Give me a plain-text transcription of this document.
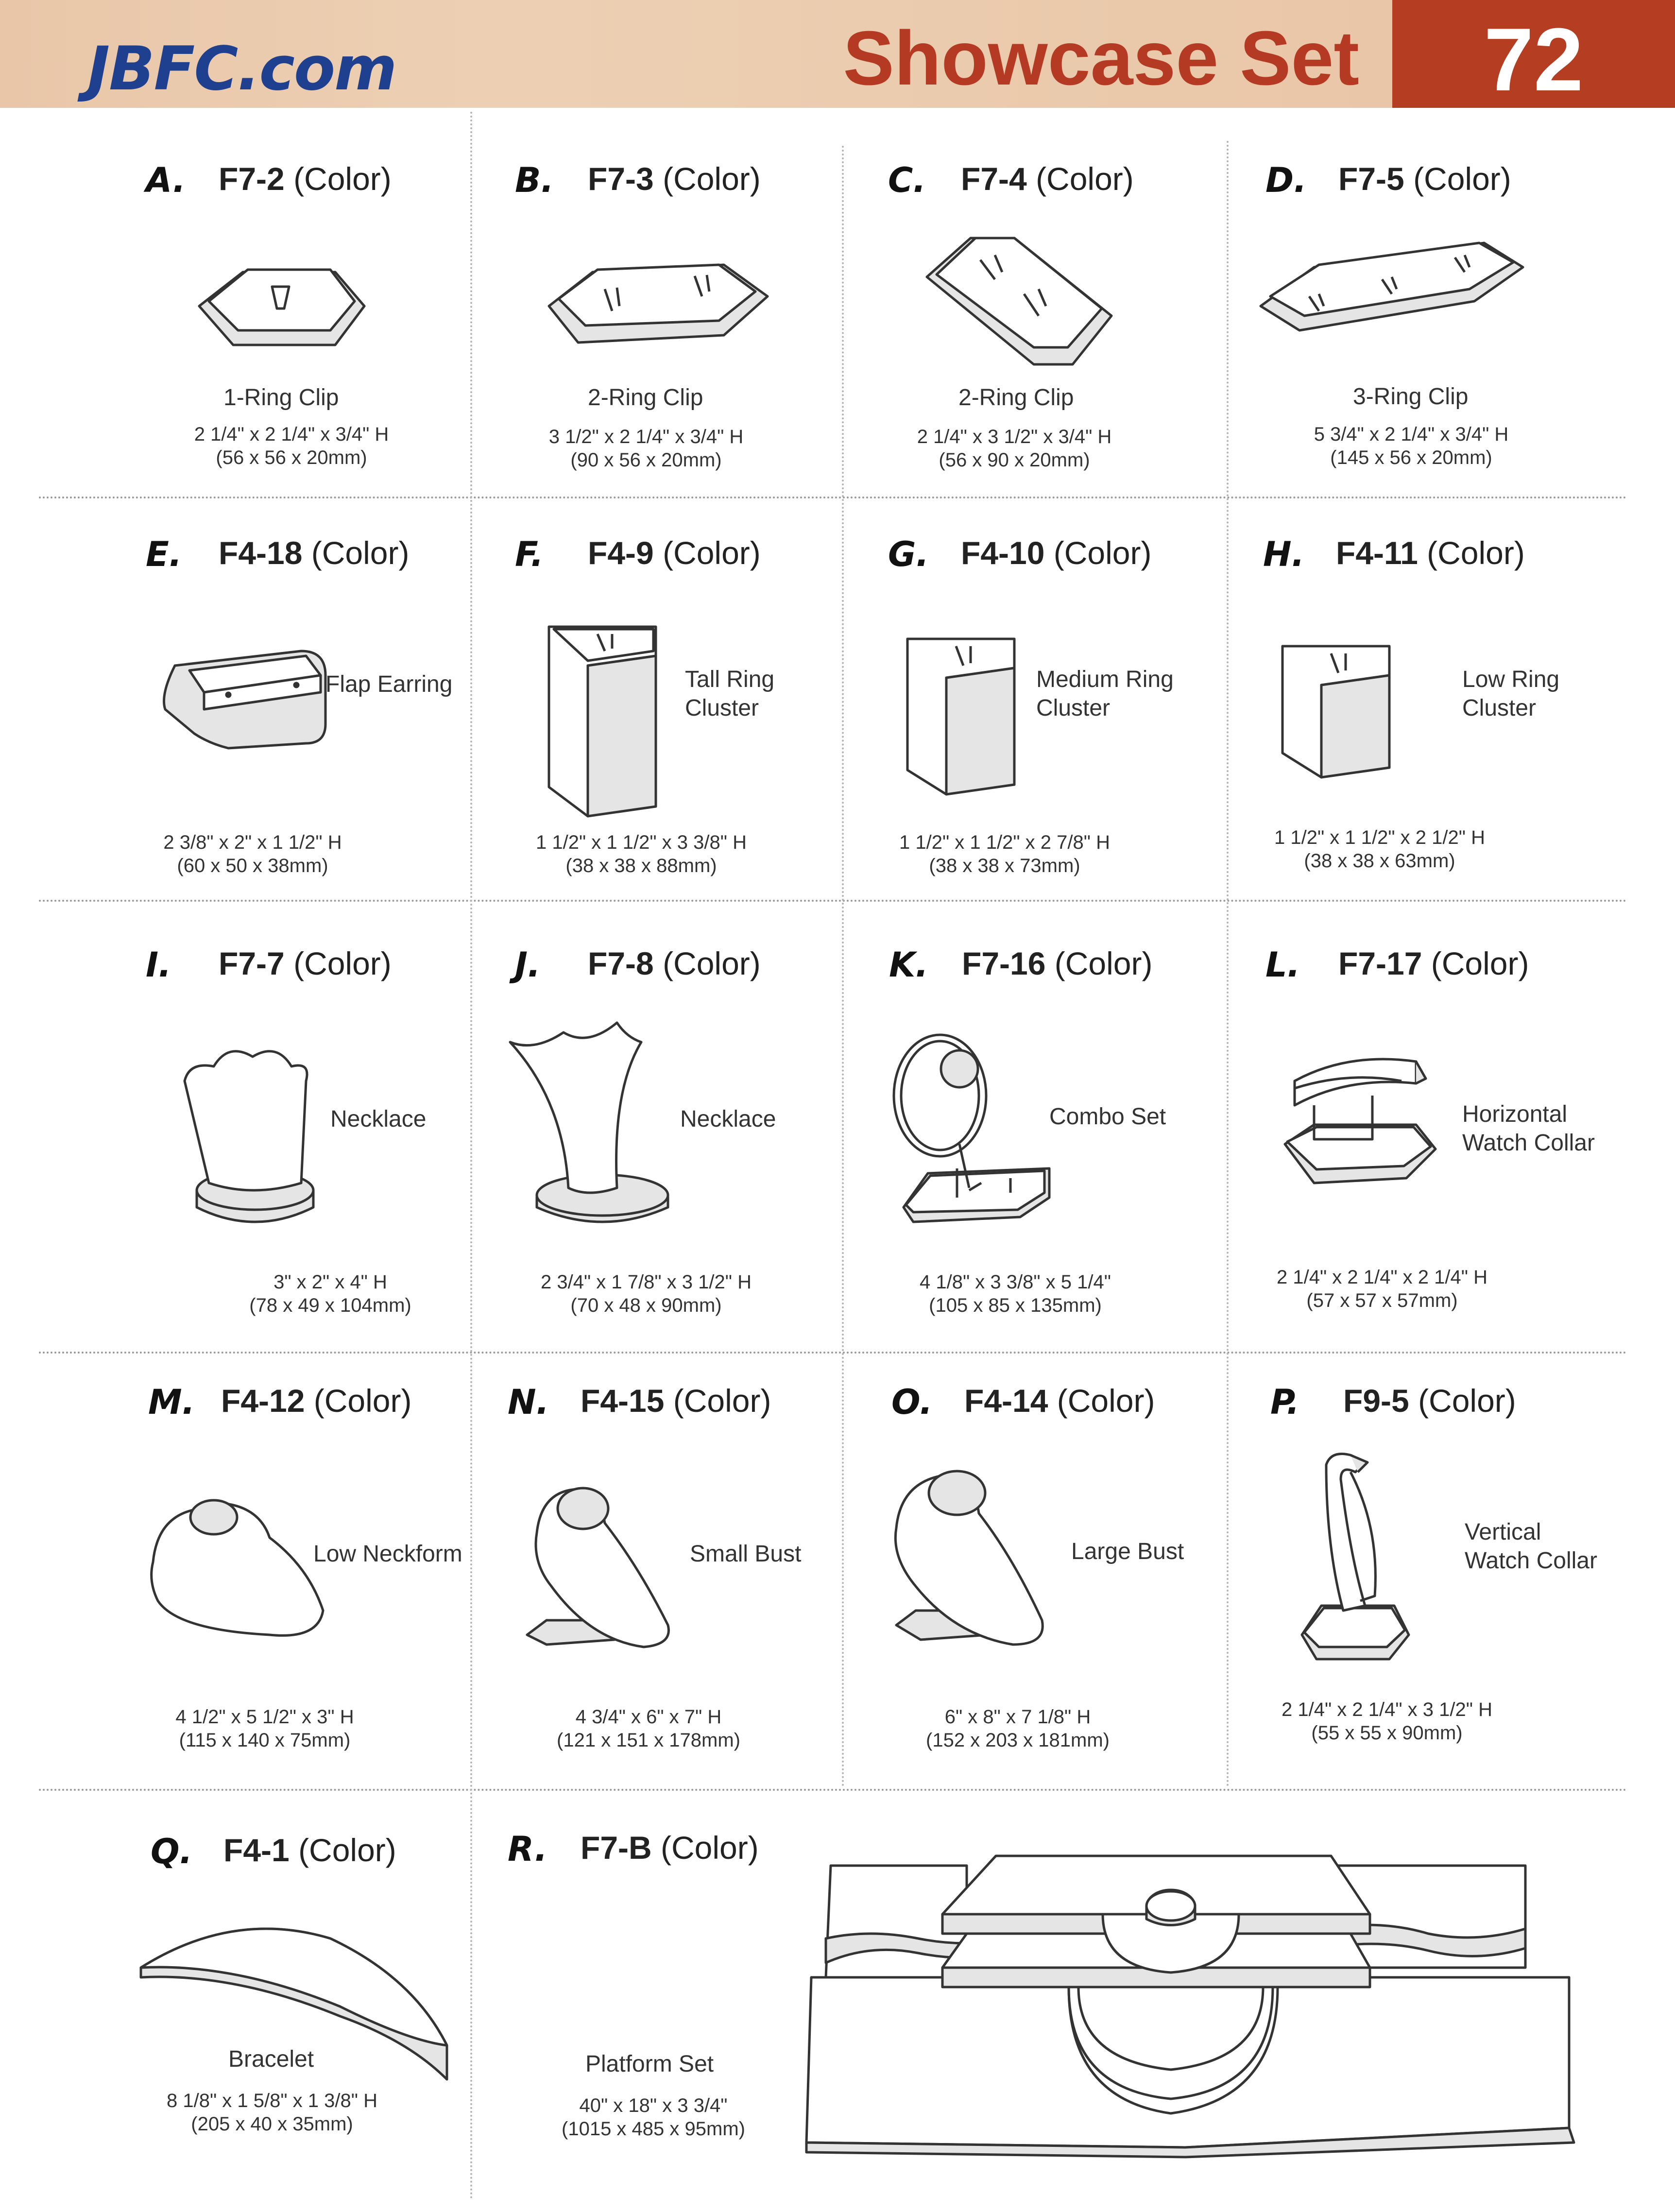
JBFC.com	Showcase Set	72
A. F7-2 (Color)
1-Ring Clip
2 1/4" x 2 1/4" x 3/4" H
(56 x 56 x 20mm)
B. F7-3 (Color)
2-Ring Clip
3 1/2" x 2 1/4" x 3/4" H
(90 x 56 x 20mm)
C. F7-4 (Color)
2-Ring Clip
2 1/4" x 3 1/2" x 3/4" H
(56 x 90 x 20mm)
D. F7-5 (Color)
3-Ring Clip
5 3/4" x 2 1/4" x 3/4" H
(145 x 56 x 20mm)
E. F4-18 (Color)
Flap Earring
2 3/8" x 2" x 1 1/2" H
(60 x 50 x 38mm)
F. F4-9 (Color)
Tall Ring
Cluster
1 1/2" x 1 1/2" x 3 3/8" H
(38 x 38 x 88mm)
G. F4-10 (Color)
Medium Ring
Cluster
1 1/2" x 1 1/2" x 2 7/8" H
(38 x 38 x 73mm)
H. F4-11 (Color)
Low Ring
Cluster
1 1/2" x 1 1/2" x 2 1/2" H
(38 x 38 x 63mm)
I. F7-7 (Color)
Necklace
3" x 2" x 4" H
(78 x 49 x 104mm)
J. F7-8 (Color)
Necklace
2 3/4" x 1 7/8" x 3 1/2" H
(70 x 48 x 90mm)
K. F7-16 (Color)
Combo Set
4 1/8" x 3 3/8" x 5 1/4"
(105 x 85 x 135mm)
L. F7-17 (Color)
Horizontal
Watch Collar
2 1/4" x 2 1/4" x 2 1/4" H
(57 x 57 x 57mm)
M. F4-12 (Color)
Low Neckform
4 1/2" x 5 1/2" x 3" H
(115 x 140 x 75mm)
N. F4-15 (Color)
Small Bust
4 3/4" x 6" x 7" H
(121 x 151 x 178mm)
O. F4-14 (Color)
Large Bust
6" x 8" x 7 1/8" H
(152 x 203 x 181mm)
P. F9-5 (Color)
Vertical
Watch Collar
2 1/4" x 2 1/4" x 3 1/2" H
(55 x 55 x 90mm)
Q. F4-1 (Color)
Bracelet
8 1/8" x 1 5/8" x 1 3/8" H
(205 x 40 x 35mm)
R. F7-B (Color)
Platform Set
40" x 18" x 3 3/4"
(1015 x 485 x 95mm)
